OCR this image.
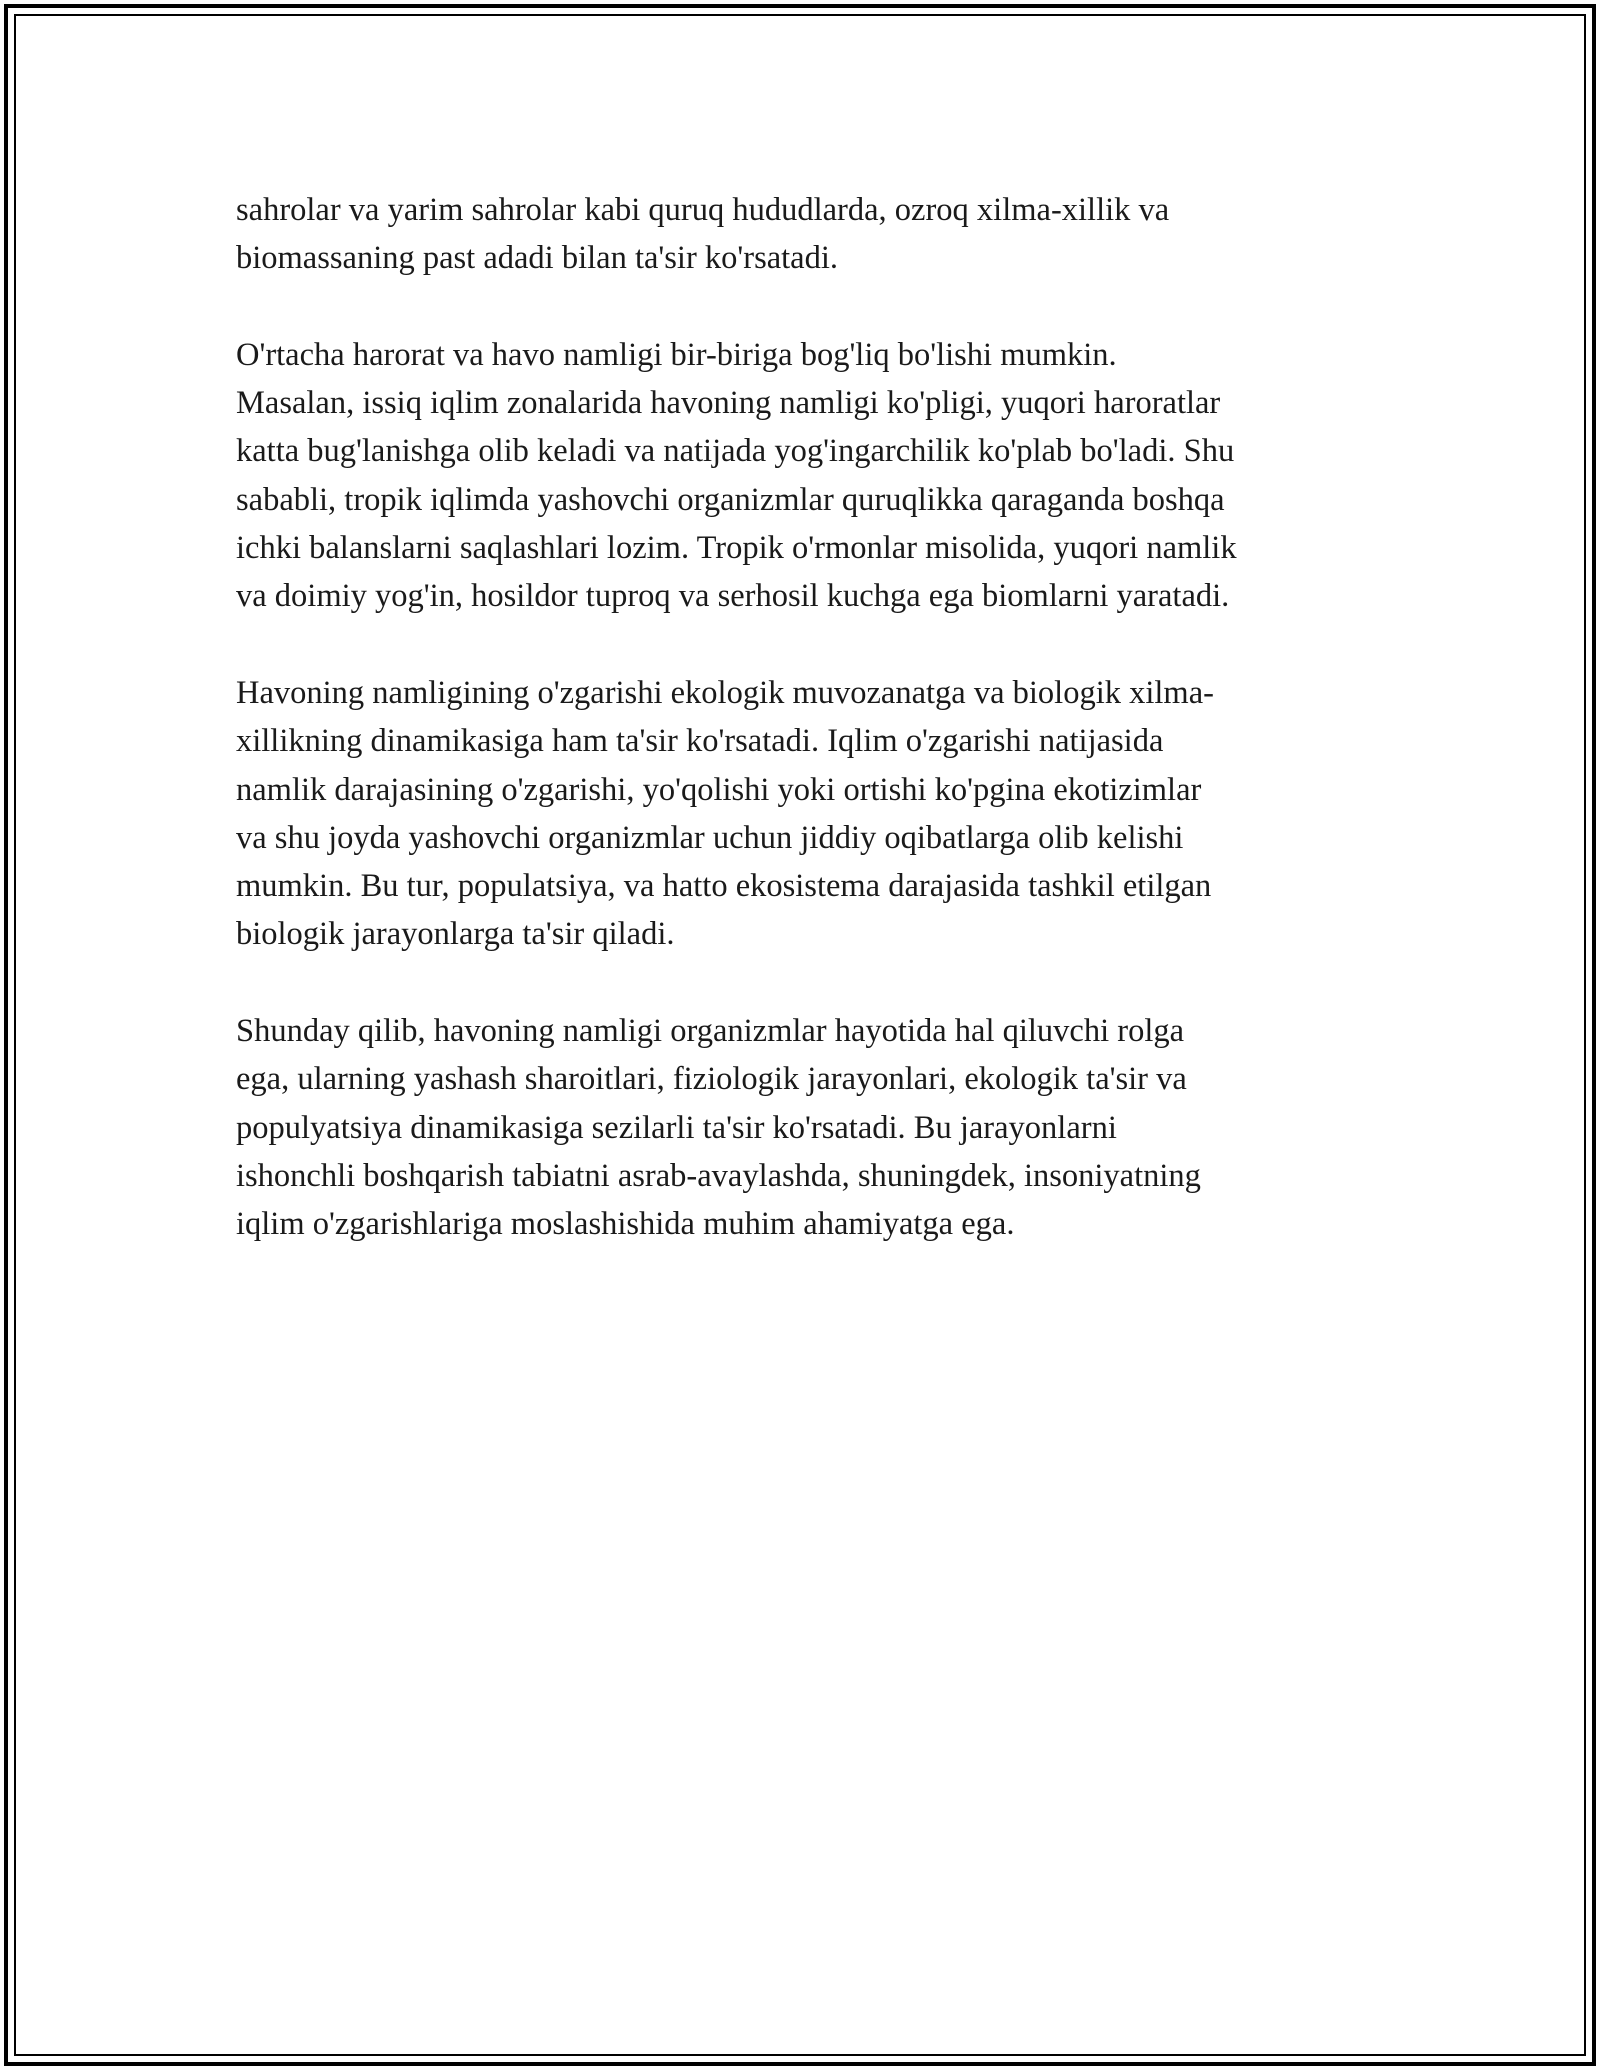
sahrolar va yarim sahrolar kabi quruq hududlarda, ozroq xilma-xillik va
biomassaning past adadi bilan ta'sir ko'rsatadi.

O'rtacha harorat va havo namligi bir-biriga bog'liq bo'lishi mumkin.
Masalan, issiq iqlim zonalarida havoning namligi ko'pligi, yuqori haroratlar
katta bug'lanishga olib keladi va natijada yog'ingarchilik ko'plab bo'ladi. Shu
sababli, tropik iqlimda yashovchi organizmlar quruqlikka qaraganda boshqa
ichki balanslarni saqlashlari lozim. Tropik o'rmonlar misolida, yuqori namlik
va doimiy yog'in, hosildor tuproq va serhosil kuchga ega biomlarni yaratadi.

Havoning namligining o'zgarishi ekologik muvozanatga va biologik xilma-
xillikning dinamikasiga ham ta'sir ko'rsatadi. Iqlim o'zgarishi natijasida
namlik darajasining o'zgarishi, yo'qolishi yoki ortishi ko'pgina ekotizimlar
va shu joyda yashovchi organizmlar uchun jiddiy oqibatlarga olib kelishi
mumkin. Bu tur, populatsiya, va hatto ekosistema darajasida tashkil etilgan
biologik jarayonlarga ta'sir qiladi.

Shunday qilib, havoning namligi organizmlar hayotida hal qiluvchi rolga
ega, ularning yashash sharoitlari, fiziologik jarayonlari, ekologik ta'sir va
populyatsiya dinamikasiga sezilarli ta'sir ko'rsatadi. Bu jarayonlarni
ishonchli boshqarish tabiatni asrab-avaylashda, shuningdek, insoniyatning
iqlim o'zgarishlariga moslashishida muhim ahamiyatga ega.
